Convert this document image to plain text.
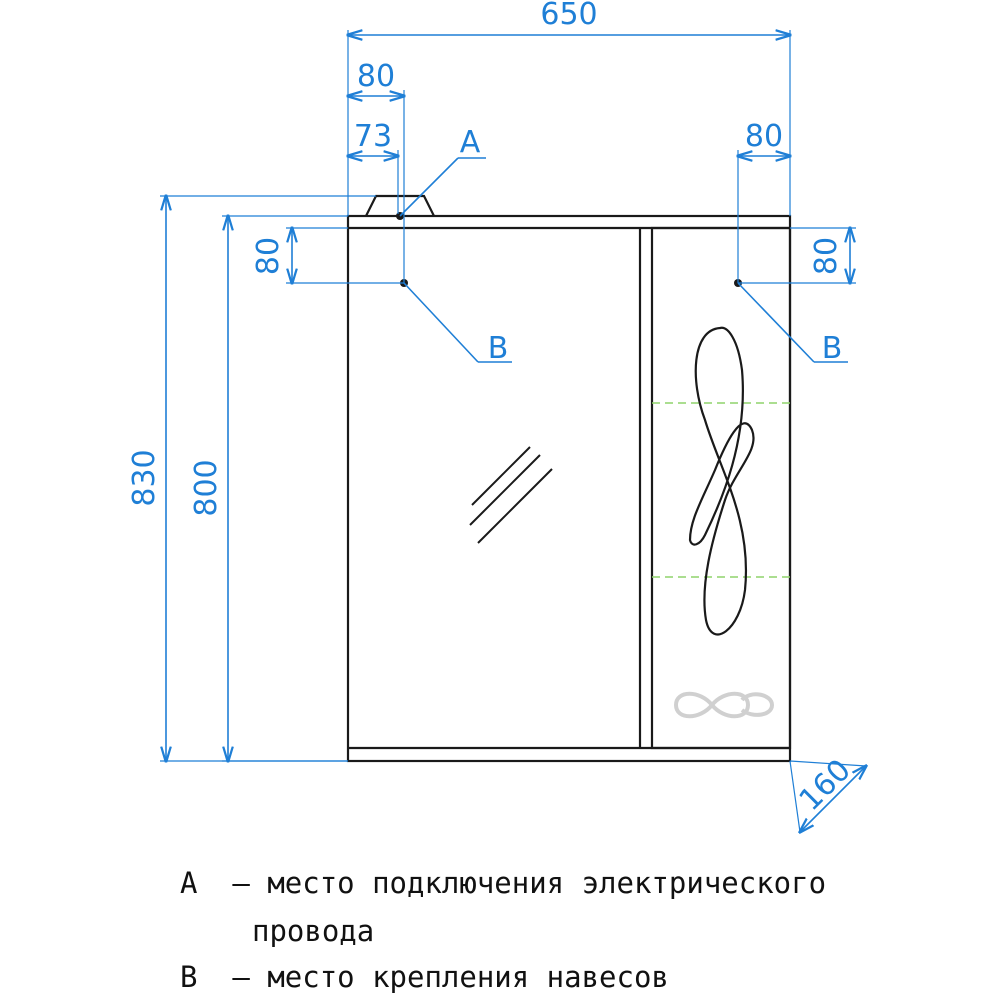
650
80
73	80
80	80
830 800
160
A
B	B
A – место подключения электрического
провода
B – место крепления навесов
